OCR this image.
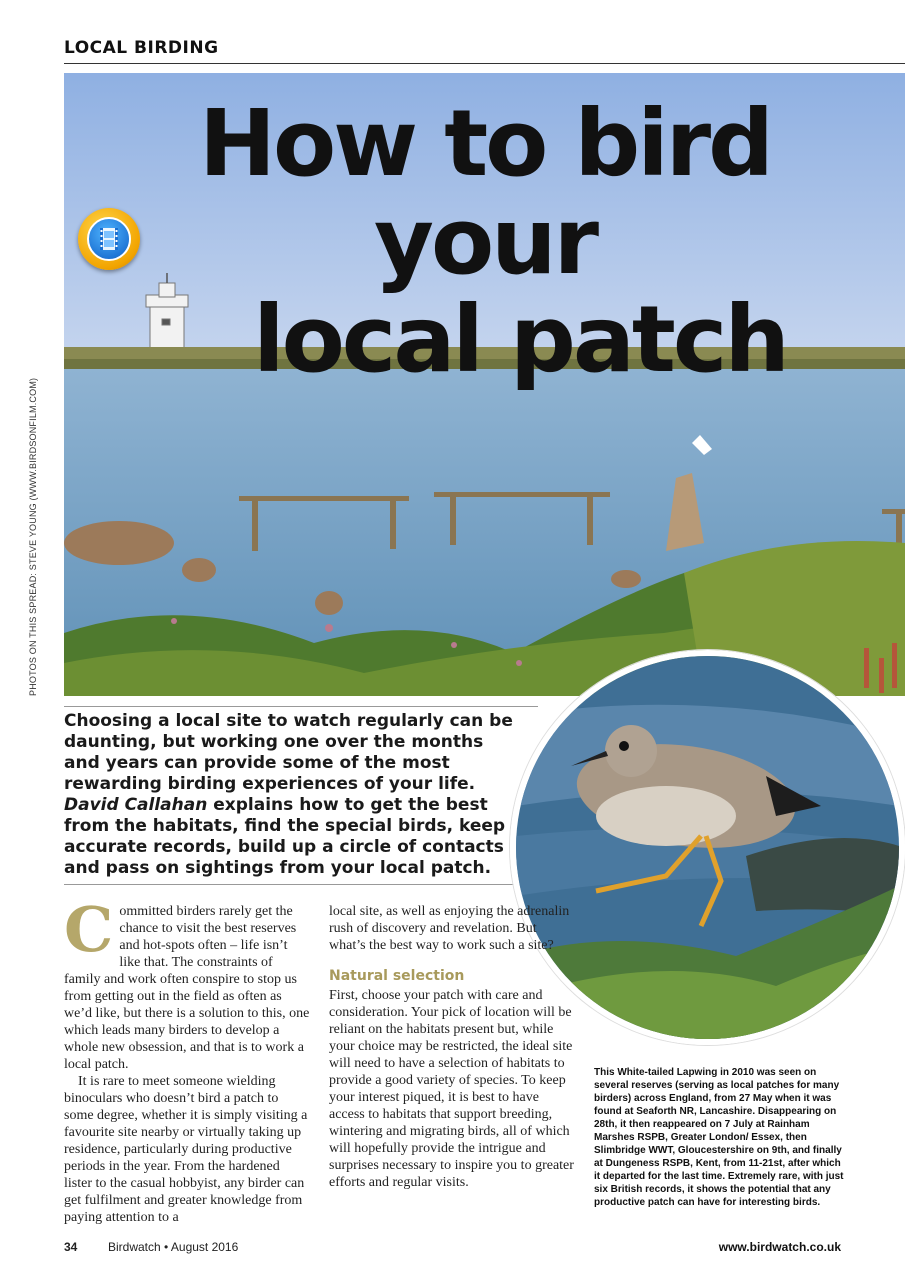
LOCAL BIRDING
How to bird your
local patch
PHOTOS ON THIS SPREAD: STEVE YOUNG (WWW.BIRDSONFILM.COM)
Choosing a local site to watch regularly can be daunting, but working one over the months and years can provide some of the most rewarding birding experiences of your life. David Callahan explains how to get the best from the habitats, find the special birds, keep accurate records, build up a circle of contacts and pass on sightings from your local patch.

Committed birders rarely get the chance to visit the best reserves and hot-spots often – life isn’t like that. The constraints of family and work often conspire to stop us from getting out in the field as often as we’d like, but there is a solution to this, one which leads many birders to develop a whole new obsession, and that is to work a local patch.

It is rare to meet someone wielding binoculars who doesn’t bird a patch to some degree, whether it is simply visiting a favourite site nearby or virtually taking up residence, particularly during productive periods in the year. From the hardened lister to the casual hobbyist, any birder can get fulfilment and greater knowledge from paying attention to a

local site, as well as enjoying the adrenalin rush of discovery and revelation. But what’s the best way to work such a site?

Natural selection

First, choose your patch with care and consideration. Your pick of location will be reliant on the habitats present but, while your choice may be restricted, the ideal site will need to have a selection of habitats to provide a good variety of species. To keep your interest piqued, it is best to have access to habitats that support breeding, wintering and migrating birds, all of which will hopefully provide the intrigue and surprises necessary to inspire you to greater efforts and regular visits.

This White-tailed Lapwing in 2010 was seen on several reserves (serving as local patches for many birders) across England, from 27 May when it was found at Seaforth NR, Lancashire. Disappearing on 28th, it then reappeared on 7 July at Rainham Marshes RSPB, Greater London/ Essex, then Slimbridge WWT, Gloucestershire on 9th, and finally at Dungeness RSPB, Kent, from 11-21st, after which it departed for the last time. Extremely rare, with just six British records, it shows the potential that any productive patch can have for interesting birds.
34	Birdwatch • August 2016	www.birdwatch.co.uk
